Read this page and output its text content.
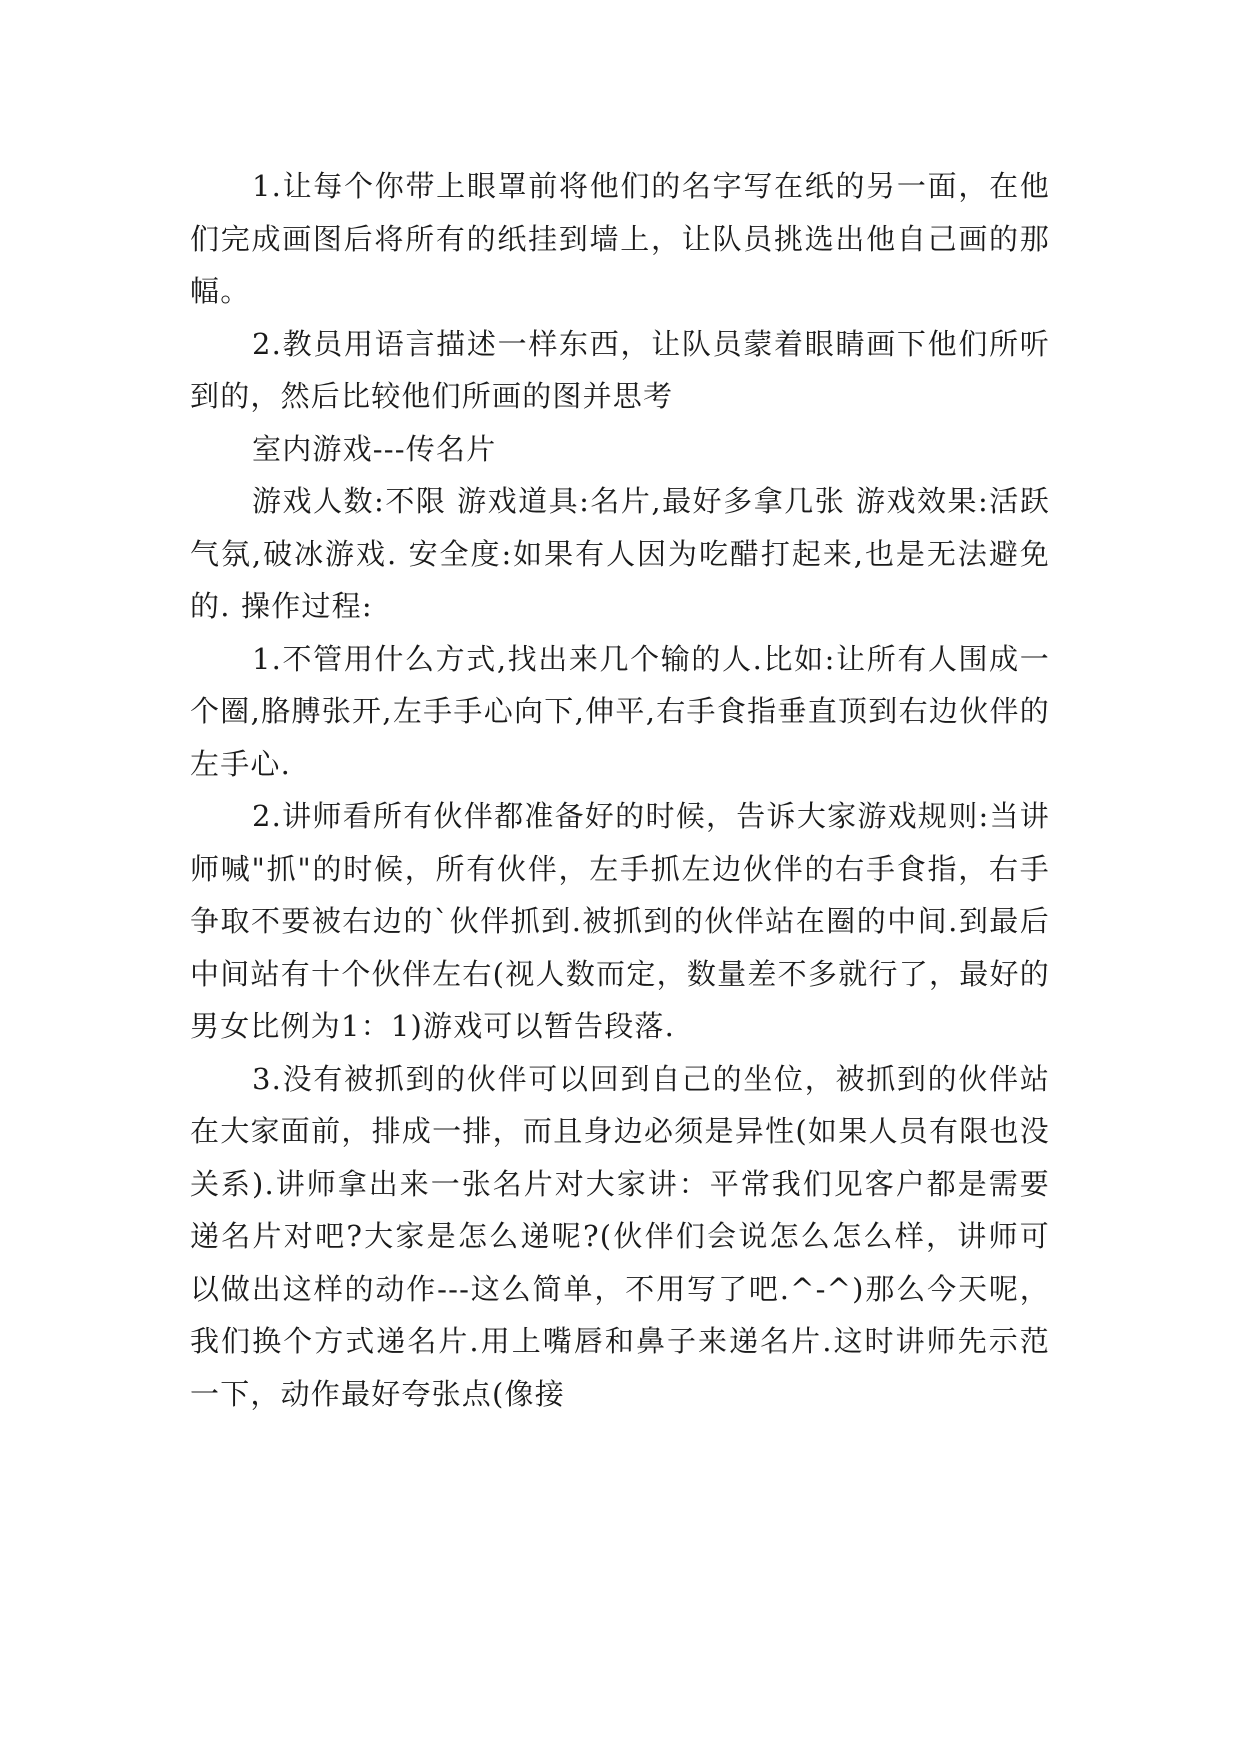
1.让每个你带上眼罩前将他们的名字写在纸的另一面，在他们完成画图后将所有的纸挂到墙上，让队员挑选出他自己画的那幅。

2.教员用语言描述一样东西，让队员蒙着眼睛画下他们所听到的，然后比较他们所画的图并思考

室内游戏---传名片

游戏人数:不限 游戏道具:名片,最好多拿几张 游戏效果:活跃气氛,破冰游戏. 安全度:如果有人因为吃醋打起来,也是无法避免的. 操作过程:

1.不管用什么方式,找出来几个输的人.比如:让所有人围成一个圈,胳膊张开,左手手心向下,伸平,右手食指垂直顶到右边伙伴的左手心.

2.讲师看所有伙伴都准备好的时候，告诉大家游戏规则:当讲师喊"抓"的时候，所有伙伴，左手抓左边伙伴的右手食指，右手争取不要被右边的`伙伴抓到.被抓到的伙伴站在圈的中间.到最后中间站有十个伙伴左右(视人数而定，数量差不多就行了，最好的男女比例为1：1)游戏可以暂告段落.

3.没有被抓到的伙伴可以回到自己的坐位，被抓到的伙伴站在大家面前，排成一排，而且身边必须是异性(如果人员有限也没关系).讲师拿出来一张名片对大家讲：平常我们见客户都是需要递名片对吧?大家是怎么递呢?(伙伴们会说怎么怎么样，讲师可以做出这样的动作---这么简单，不用写了吧.^-^)那么今天呢，我们换个方式递名片.用上嘴唇和鼻子来递名片.这时讲师先示范一下，动作最好夸张点(像接
